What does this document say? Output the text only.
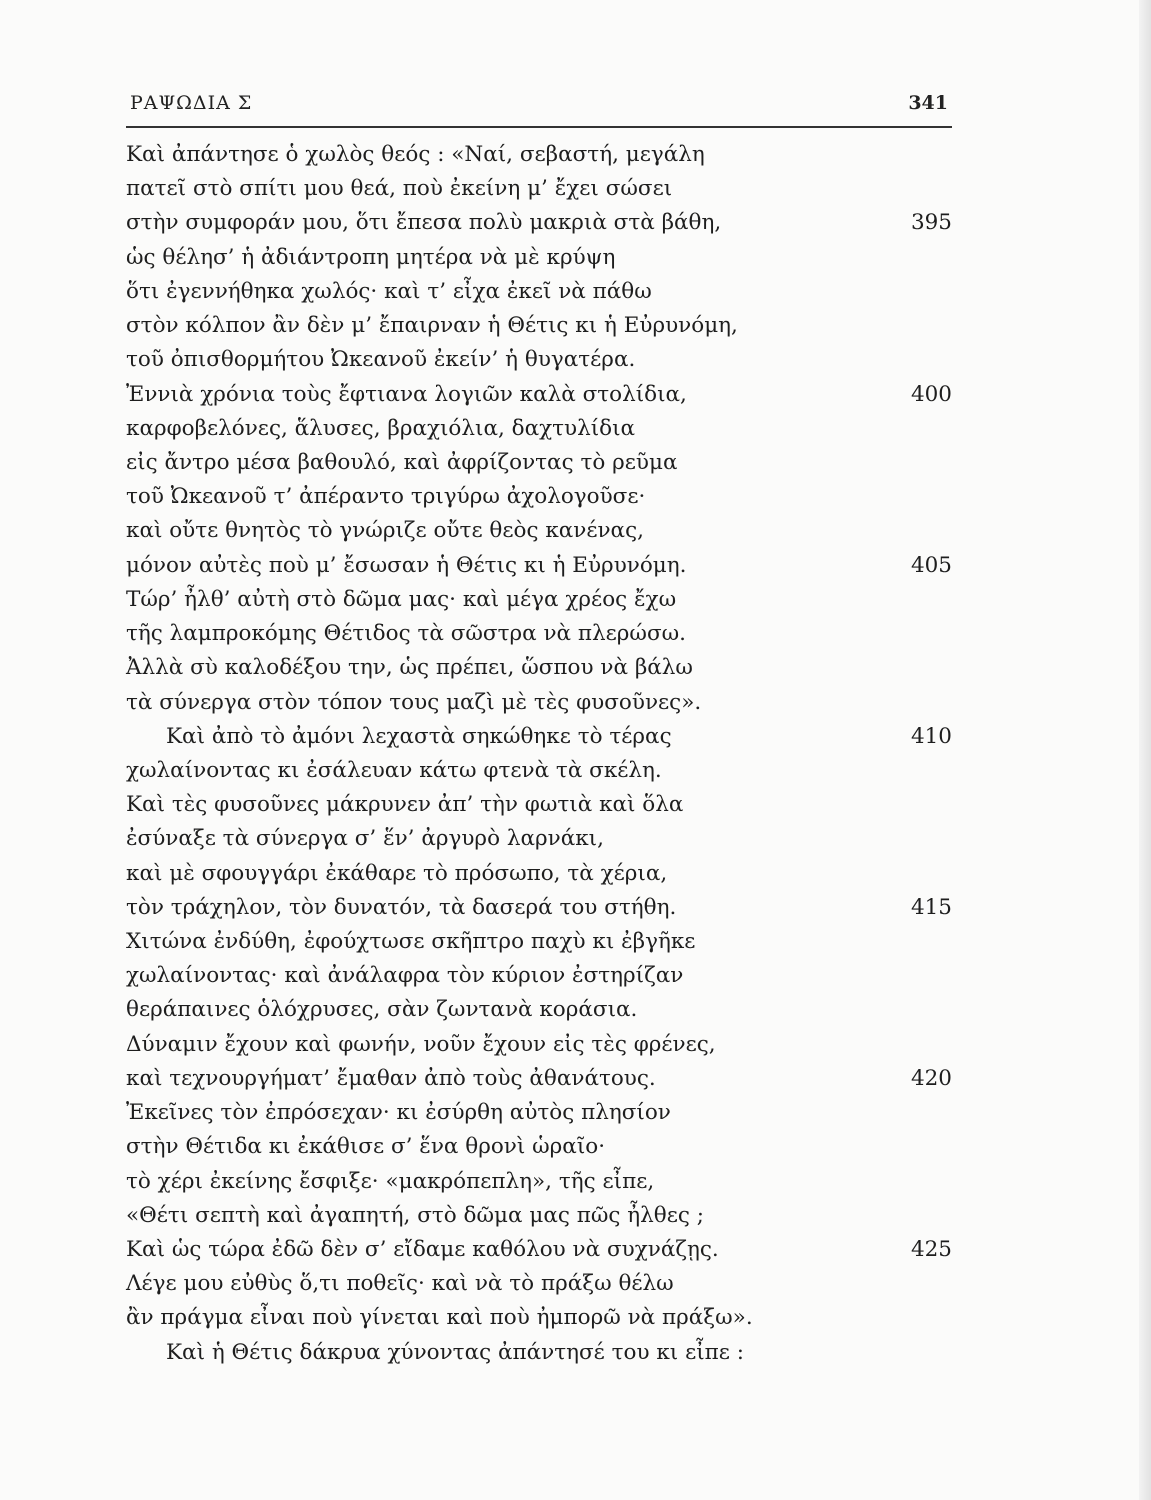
ΡΑΨΩΔΙΑ Σ	341
Καὶ ἀπάντησε ὁ χωλὸς θεός : «Ναί, σεβαστή, μεγάλη
πατεῖ στὸ σπίτι μου θεά, ποὺ ἐκείνη μ’ ἔχει σώσει
στὴν συμφοράν μου, ὅτι ἔπεσα πολὺ μακριὰ στὰ βάθη,	395
ὡς θέλησ’ ἡ ἀδιάντροπη μητέρα νὰ μὲ κρύψη
ὅτι ἐγεννήθηκα χωλός· καὶ τ’ εἶχα ἐκεῖ νὰ πάθω
στὸν κόλπον ἂν δὲν μ’ ἔπαιρναν ἡ Θέτις κι ἡ Εὐρυνόμη,
τοῦ ὀπισθορμήτου Ὠκεανοῦ ἐκείν’ ἡ θυγατέρα.
Ἐννιὰ χρόνια τοὺς ἔφτιανα λογιῶν καλὰ στολίδια,	400
καρφοβελόνες, ἅλυσες, βραχιόλια, δαχτυλίδια
εἰς ἄντρο μέσα βαθουλό, καὶ ἀφρίζοντας τὸ ρεῦμα
τοῦ Ὠκεανοῦ τ’ ἀπέραντο τριγύρω ἀχολογοῦσε·
καὶ οὔτε θνητὸς τὸ γνώριζε οὔτε θεὸς κανένας,
μόνον αὐτὲς ποὺ μ’ ἔσωσαν ἡ Θέτις κι ἡ Εὐρυνόμη.	405
Τώρ’ ἦλθ’ αὐτὴ στὸ δῶμα μας· καὶ μέγα χρέος ἔχω
τῆς λαμπροκόμης Θέτιδος τὰ σῶστρα νὰ πλερώσω.
Ἀλλὰ σὺ καλοδέξου την, ὡς πρέπει, ὥσπου νὰ βάλω
τὰ σύνεργα στὸν τόπον τους μαζὶ μὲ τὲς φυσοῦνες».
Καὶ ἀπὸ τὸ ἀμόνι λεχαστὰ σηκώθηκε τὸ τέρας	410
χωλαίνοντας κι ἐσάλευαν κάτω φτενὰ τὰ σκέλη.
Καὶ τὲς φυσοῦνες μάκρυνεν ἀπ’ τὴν φωτιὰ καὶ ὅλα
ἐσύναξε τὰ σύνεργα σ’ ἕν’ ἀργυρὸ λαρνάκι,
καὶ μὲ σφουγγάρι ἐκάθαρε τὸ πρόσωπο, τὰ χέρια,
τὸν τράχηλον, τὸν δυνατόν, τὰ δασερά του στήθη.	415
Χιτώνα ἐνδύθη, ἐφούχτωσε σκῆπτρο παχὺ κι ἐβγῆκε
χωλαίνοντας· καὶ ἀνάλαφρα τὸν κύριον ἐστηρίζαν
θεράπαινες ὁλόχρυσες, σὰν ζωντανὰ κοράσια.
Δύναμιν ἔχουν καὶ φωνήν, νοῦν ἔχουν εἰς τὲς φρένες,
καὶ τεχνουργήματ’ ἔμαθαν ἀπὸ τοὺς ἀθανάτους.	420
Ἐκεῖνες τὸν ἐπρόσεχαν· κι ἐσύρθη αὐτὸς πλησίον
στὴν Θέτιδα κι ἐκάθισε σ’ ἕνα θρονὶ ὡραῖο·
τὸ χέρι ἐκείνης ἔσφιξε· «μακρόπεπλη», τῆς εἶπε,
«Θέτι σεπτὴ καὶ ἀγαπητή, στὸ δῶμα μας πῶς ἦλθες ;
Καὶ ὡς τώρα ἐδῶ δὲν σ’ εἴδαμε καθόλου νὰ συχνάζῃς.	425
Λέγε μου εὐθὺς ὅ,τι ποθεῖς· καὶ νὰ τὸ πράξω θέλω
ἂν πράγμα εἶναι ποὺ γίνεται καὶ ποὺ ἠμπορῶ νὰ πράξω».
Καὶ ἡ Θέτις δάκρυα χύνοντας ἀπάντησέ του κι εἶπε :
